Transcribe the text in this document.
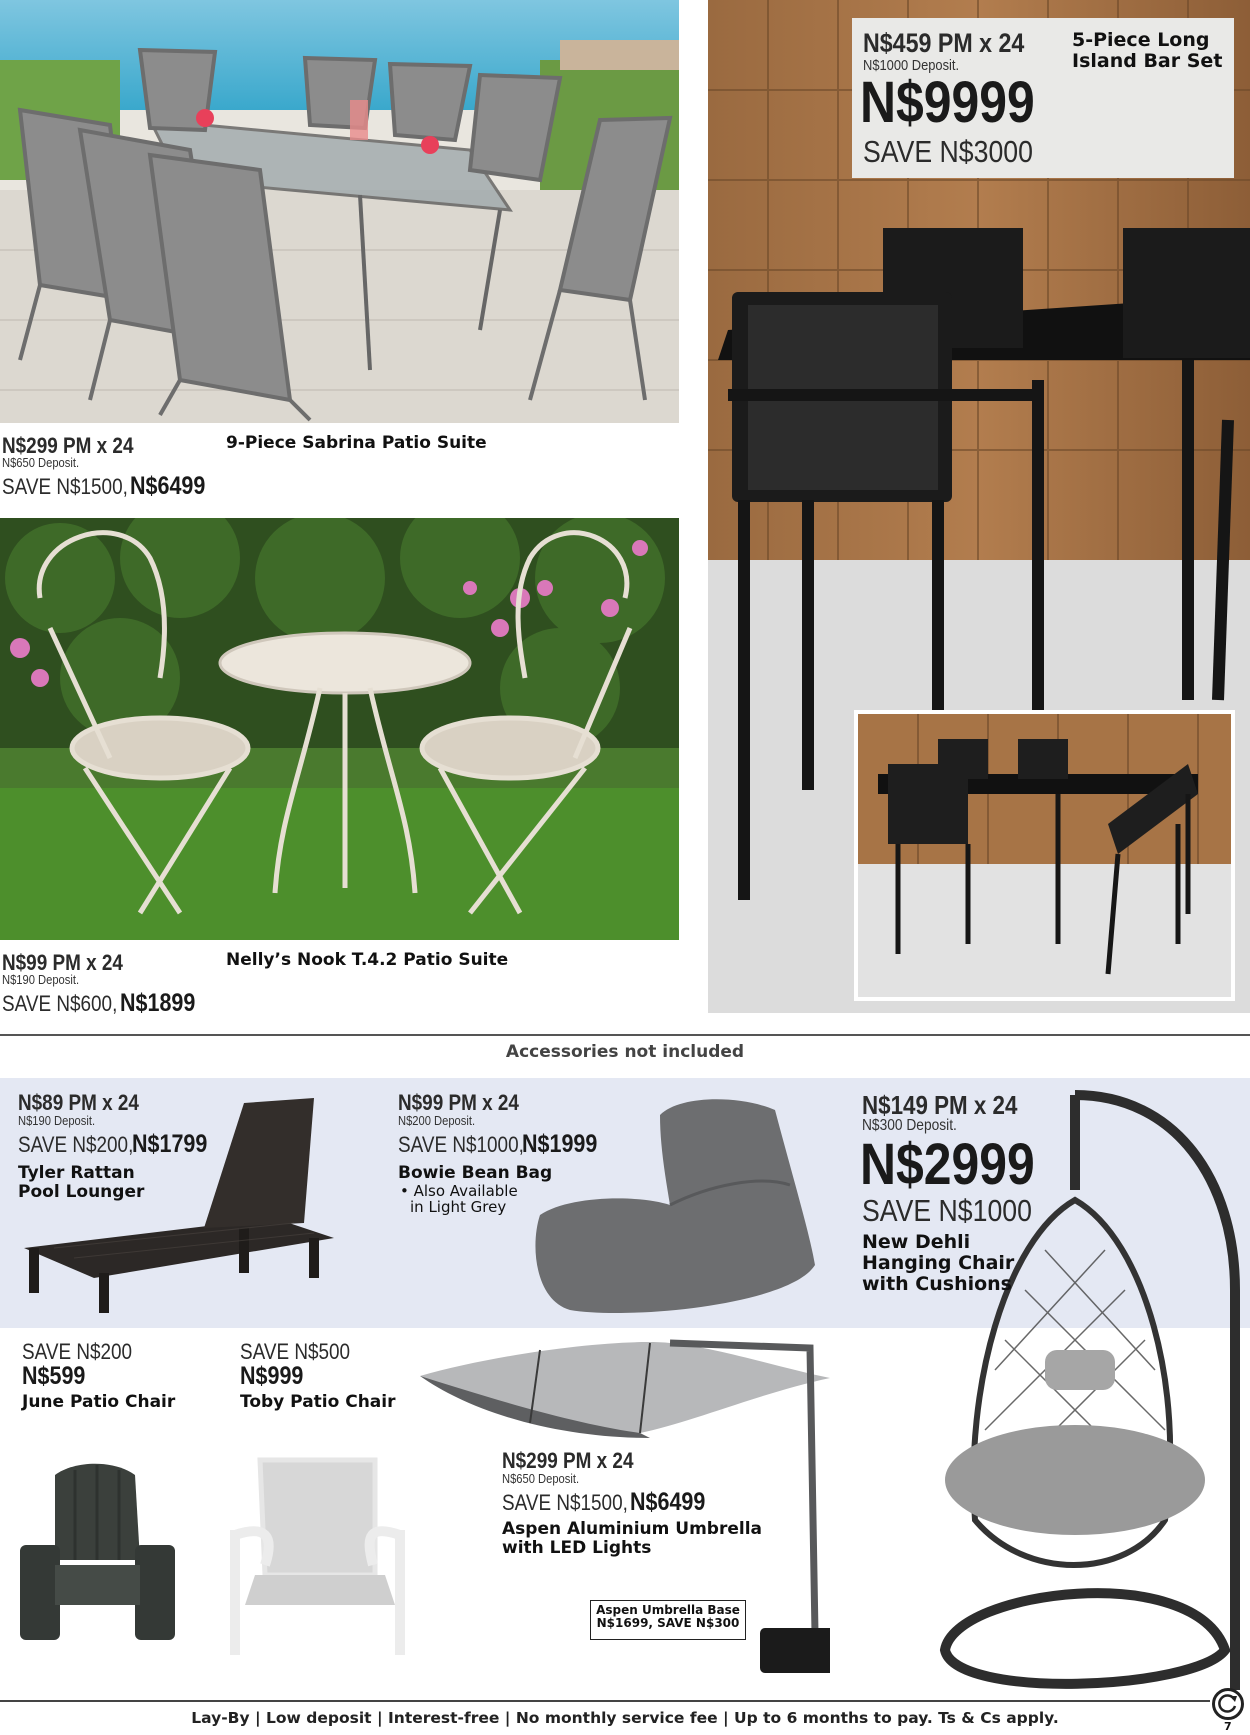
N$299 PM x 24
N$650 Deposit.
SAVE N$1500, N$6499
9-Piece Sabrina Patio Suite
N$99 PM x 24
N$190 Deposit.
SAVE N$600, N$1899
Nelly’s Nook T.4.2 Patio Suite
N$459 PM x 24
N$1000 Deposit.
N$9999
SAVE N$3000
5-Piece Long
Island Bar Set
Accessories not included
N$89 PM x 24
N$190 Deposit.
SAVE N$200,
N$1799
Tyler Rattan
Pool Lounger
N$99 PM x 24
N$200 Deposit.
SAVE N$1000,
N$1999
Bowie Bean Bag
• Also Available
in Light Grey
N$149 PM x 24
N$300 Deposit.
N$2999
SAVE N$1000
New Dehli
Hanging Chair
with Cushions
SAVE N$200
N$599
June Patio Chair
SAVE N$500
N$999
Toby Patio Chair
N$299 PM x 24
N$650 Deposit.
SAVE N$1500, N$6499
Aspen Aluminium Umbrella
with LED Lights
Aspen Umbrella Base
N$1699, SAVE N$300
Lay-By | Low deposit | Interest-free | No monthly service fee | Up to 6 months to pay. Ts & Cs apply.	7
